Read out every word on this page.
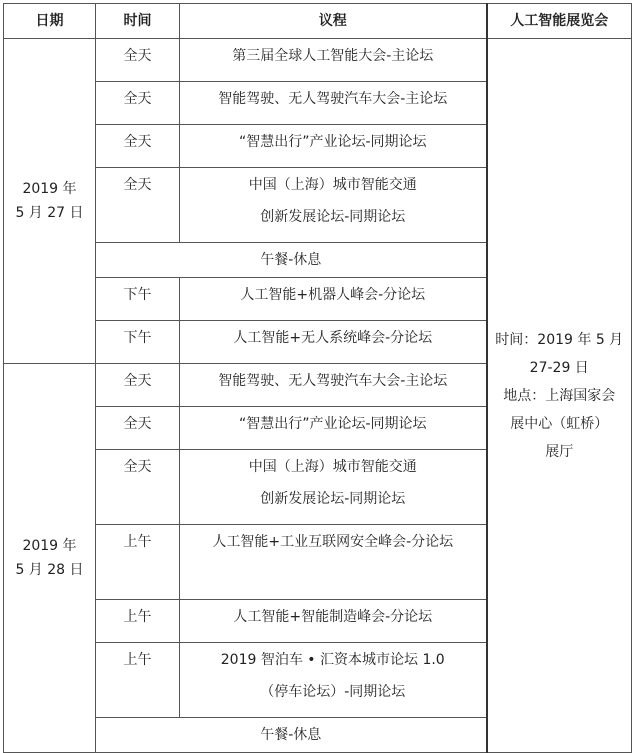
日期	时间	议程	人工智能展览会

2019 年
5 月 27 日	全天	第三届全球人工智能大会-主论坛	时间：2019 年 5 月
27-29 日
地点：上海国家会
展中心（虹桥）
展厅

	全天	智能驾驶、无人驾驶汽车大会-主论坛	

	全天	“智慧出行”产业论坛-同期论坛	

	全天	中国（上海）城市智能交通
创新发展论坛-同期论坛	

	午餐-休息		
	下午	人工智能+机器人峰会-分论坛	

	下午	人工智能+无人系统峰会-分论坛	

2019 年
5 月 28 日	全天	智能驾驶、无人驾驶汽车大会-主论坛	

	全天	“智慧出行”产业论坛-同期论坛	

	全天	中国（上海）城市智能交通
创新发展论坛-同期论坛	

	上午	人工智能+工业互联网安全峰会-分论坛	

	上午	人工智能+智能制造峰会-分论坛	

	上午	2019 智泊车 • 汇资本城市论坛 1.0
（停车论坛）-同期论坛	

	午餐-休息		
